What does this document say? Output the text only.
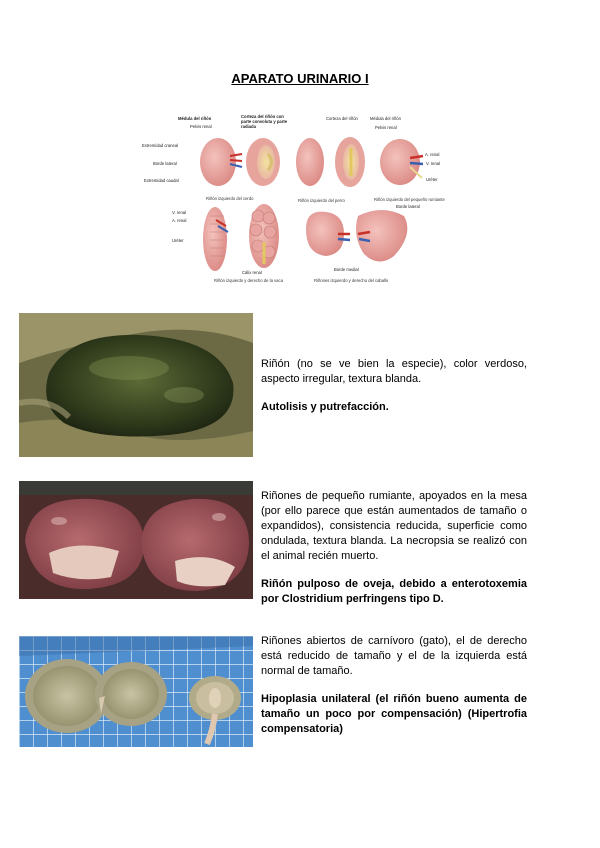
APARATO URINARIO I
Médula del riñón
Pelvis renal
Extremidad craneal
Borde lateral
Extremidad caudal
Corteza del riñón con parte convoluta y parte radiada
Corteza del riñón	Médula del riñón
Pelvis renal
A. renal
V. renal
Uréter
Riñón izquierdo del cerdo	Riñón izquierdo del perro	Riñón izquierdo del pequeño rumiante
V. renal
A. renal
Uréter
Cálix renal
Riñón izquierdo y derecho de la vaca
Borde lateral
Borde medial
Riñones izquierdo y derecho del caballo

Riñón (no se ve bien la especie), color verdoso, aspecto irregular, textura blanda.

Autolisis y putrefacción.

Riñones de pequeño rumiante, apoyados en la mesa (por ello parece que están aumentados de tamaño o expandidos), consistencia reducida, superficie como ondulada, textura blanda. La necropsia se realizó con el animal recién muerto.

Riñón pulposo de oveja, debido a enterotoxemia por Clostridium perfringens tipo D.

Riñones abiertos de carnívoro (gato), el de derecho está reducido de tamaño y el de la izquierda está normal de tamaño.

Hipoplasia unilateral (el riñón bueno aumenta de tamaño un poco por compensación) (Hipertrofia compensatoria)
